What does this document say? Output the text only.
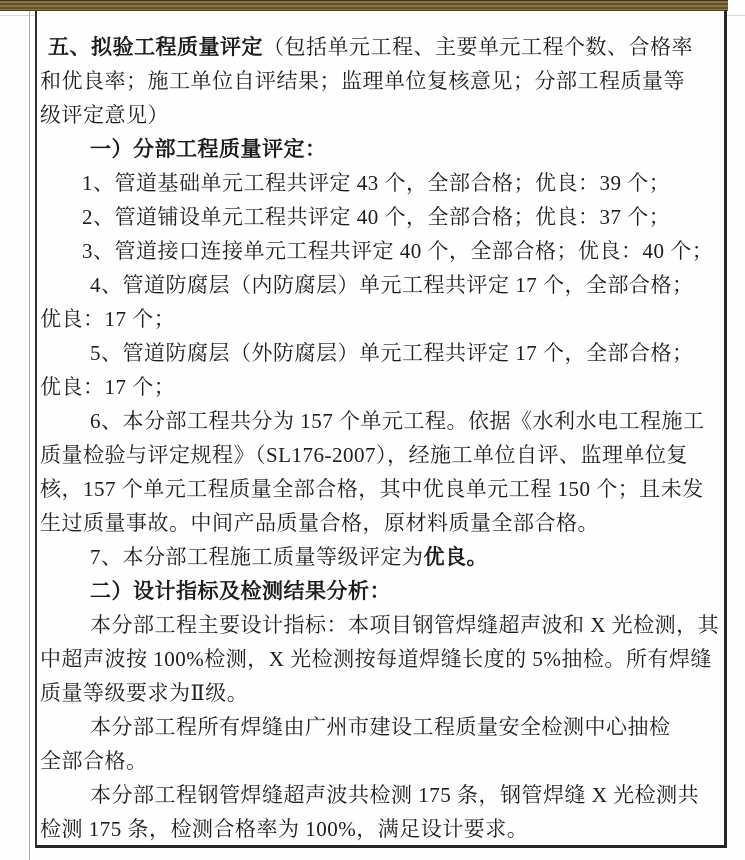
五、拟验工程质量评定（包括单元工程、主要单元工程个数、合格率
和优良率；施工单位自评结果；监理单位复核意见；分部工程质量等
级评定意见）
一）分部工程质量评定：
1、管道基础单元工程共评定 43 个，全部合格；优良：39 个；
2、管道铺设单元工程共评定 40 个，全部合格；优良：37 个；
3、管道接口连接单元工程共评定 40 个，全部合格；优良：40 个；
4、管道防腐层（内防腐层）单元工程共评定 17 个，全部合格；
优良：17 个；
5、管道防腐层（外防腐层）单元工程共评定 17 个，全部合格；
优良：17 个；
6、本分部工程共分为 157 个单元工程。依据《水利水电工程施工
质量检验与评定规程》（SL176-2007），经施工单位自评、监理单位复
核，157 个单元工程质量全部合格，其中优良单元工程 150 个；且未发
生过质量事故。中间产品质量合格，原材料质量全部合格。
7、本分部工程施工质量等级评定为优良。
二）设计指标及检测结果分析：
本分部工程主要设计指标：本项目钢管焊缝超声波和 X 光检测，其
中超声波按 100%检测，X 光检测按每道焊缝长度的 5%抽检。所有焊缝
质量等级要求为Ⅱ级。
本分部工程所有焊缝由广州市建设工程质量安全检测中心抽检
全部合格。
本分部工程钢管焊缝超声波共检测 175 条，钢管焊缝 X 光检测共
检测 175 条，检测合格率为 100%，满足设计要求。
